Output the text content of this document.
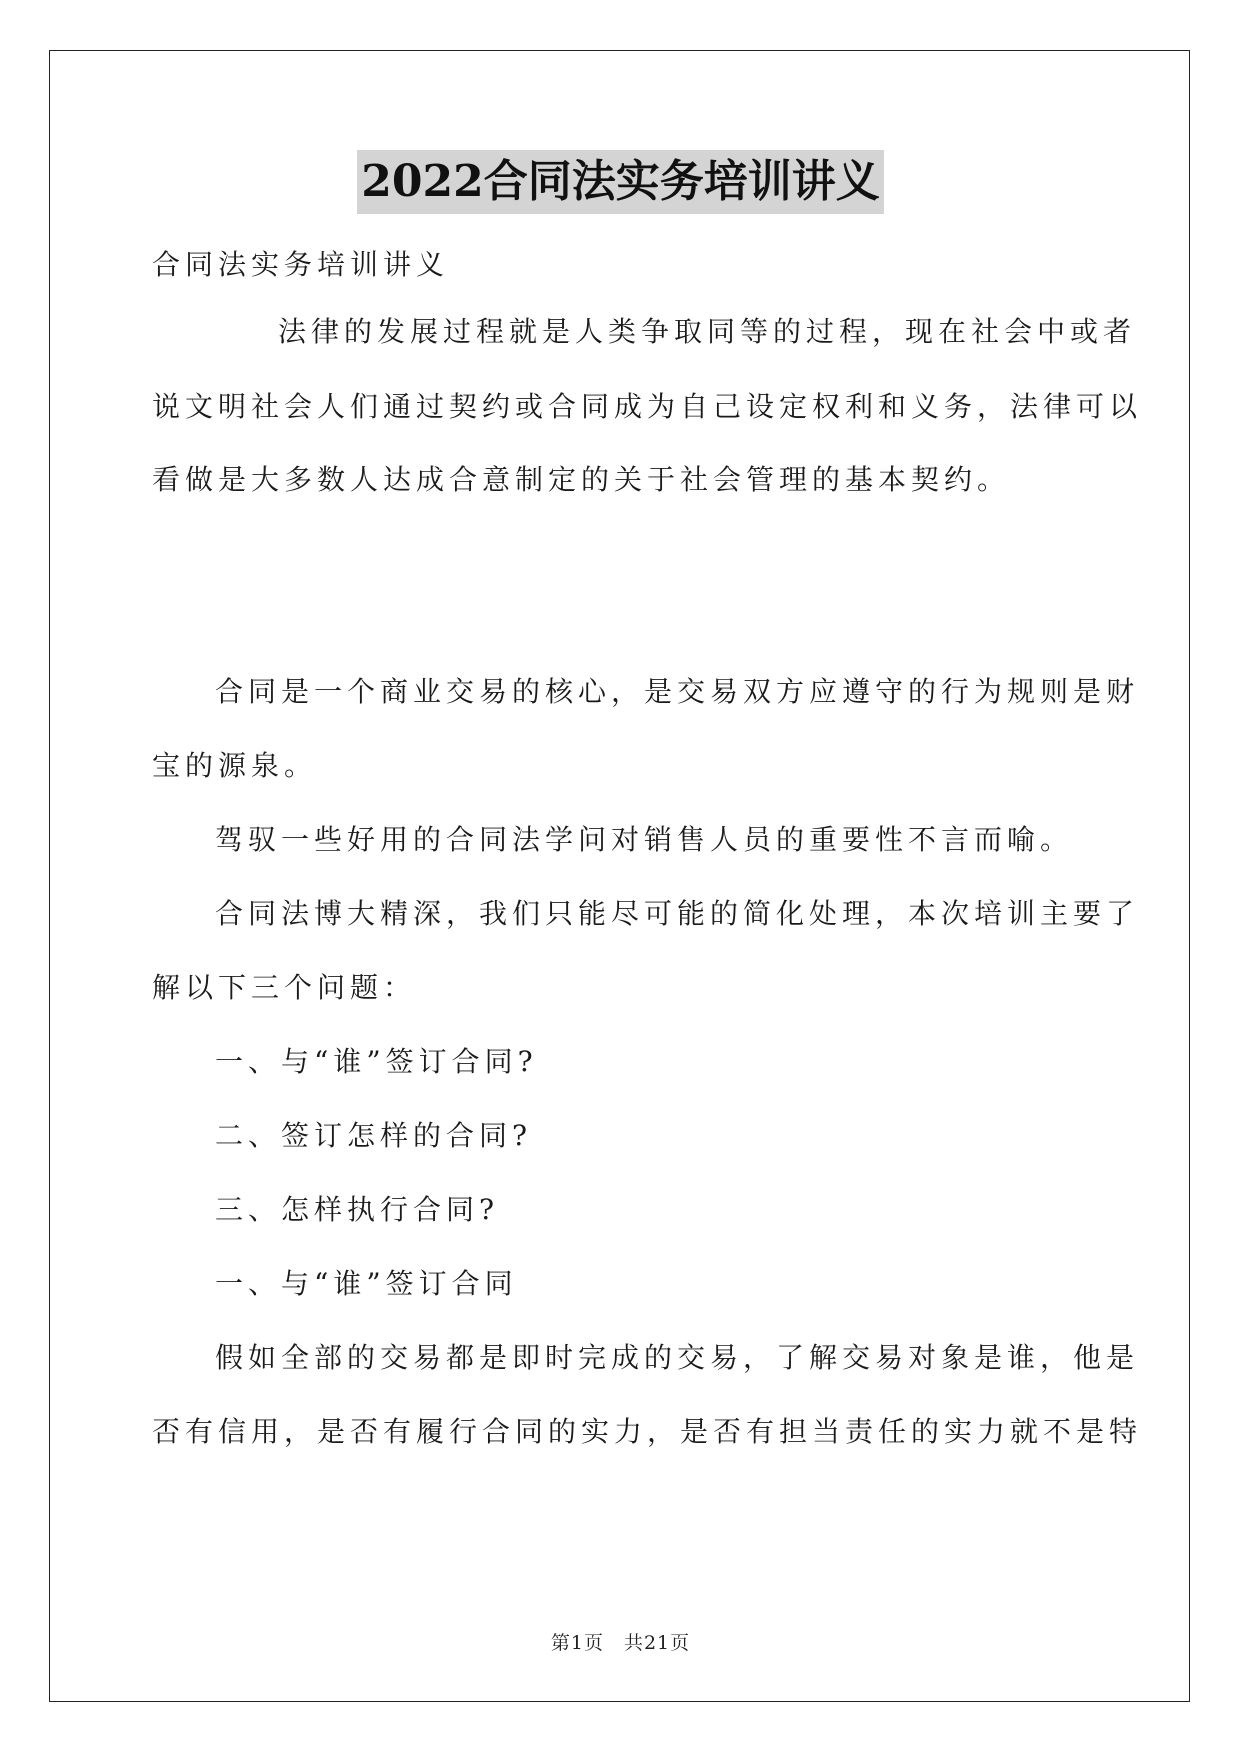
2022合同法实务培训讲义
合同法实务培训讲义
法律的发展过程就是人类争取同等的过程，现在社会中或者
说文明社会人们通过契约或合同成为自己设定权利和义务，法律可以
看做是大多数人达成合意制定的关于社会管理的基本契约。
合同是一个商业交易的核心，是交易双方应遵守的行为规则是财
宝的源泉。
驾驭一些好用的合同法学问对销售人员的重要性不言而喻。
合同法博大精深，我们只能尽可能的简化处理，本次培训主要了
解以下三个问题：
一、与“谁”签订合同?
二、签订怎样的合同?
三、怎样执行合同?
一、与“谁”签订合同
假如全部的交易都是即时完成的交易，了解交易对象是谁，他是
否有信用，是否有履行合同的实力，是否有担当责任的实力就不是特
第1页　共21页
